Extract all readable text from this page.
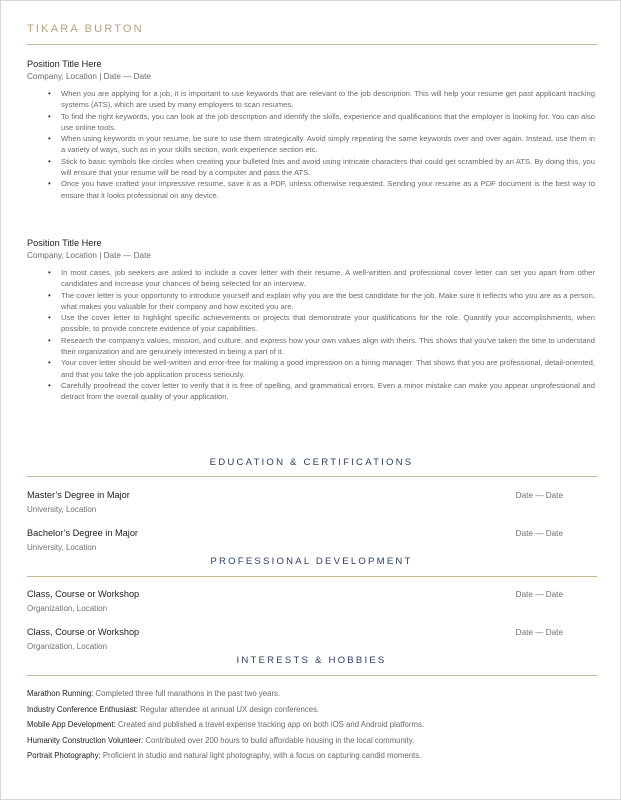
TIKARA BURTON

Position Title Here

Company, Location | Date — Date

• When you are applying for a job, it is important to use keywords that are relevant to the job description. This will help your resume get past applicant tracking systems (ATS), which are used by many employers to scan resumes.
• To find the right keywords, you can look at the job description and identify the skills, experience and qualifications that the employer is looking for. You can also use online tools.
• When using keywords in your resume, be sure to use them strategically. Avoid simply repeating the same keywords over and over again. Instead, use them in a variety of ways, such as in your skills section, work experience section etc.
• Stick to basic symbols like circles when creating your bulleted lists and avoid using intricate characters that could get scrambled by an ATS. By doing this, you will ensure that your resume will be read by a computer and pass the ATS.
• Once you have crafted your impressive resume, save it as a PDF, unless otherwise requested. Sending your resume as a PDF document is the best way to ensure that it looks professional on any device.

Position Title Here

Company, Location | Date — Date

• In most cases, job seekers are asked to include a cover letter with their resume. A well-written and professional cover letter can set you apart from other candidates and increase your chances of being selected for an interview.
• The cover letter is your opportunity to introduce yourself and explain why you are the best candidate for the job. Make sure it reflects who you are as a person, what makes you valuable for their company and how excited you are.
• Use the cover letter to highlight specific achievements or projects that demonstrate your qualifications for the role. Quantify your accomplishments, when possible, to provide concrete evidence of your capabilities.
• Research the company's values, mission, and culture, and express how your own values align with theirs. This shows that you've taken the time to understand their organization and are genuinely interested in being a part of it.
• Your cover letter should be well-written and error-free for making a good impression on a hiring manager. That shows that you are professional, detail-oriented, and that you take the job application process seriously.
• Carefully proofread the cover letter to verify that it is free of spelling, and grammatical errors. Even a minor mistake can make you appear unprofessional and detract from the overall quality of your application.
EDUCATION & CERTIFICATIONS
Master’s Degree in Major
University, Location
Date — Date
Bachelor’s Degree in Major
University, Location
Date — Date
PROFESSIONAL DEVELOPMENT
Class, Course or Workshop
Organization, Location
Date — Date
Class, Course or Workshop
Organization, Location
Date — Date
INTERESTS & HOBBIES
Marathon Running: Completed three full marathons in the past two years.
Industry Conference Enthusiast: Regular attendee at annual UX design conferences.
Mobile App Development: Created and published a travel expense tracking app on both iOS and Android platforms.
Humanity Construction Volunteer: Contributed over 200 hours to build affordable housing in the local community.
Portrait Photography: Proficient in studio and natural light photography, with a focus on capturing candid moments.
